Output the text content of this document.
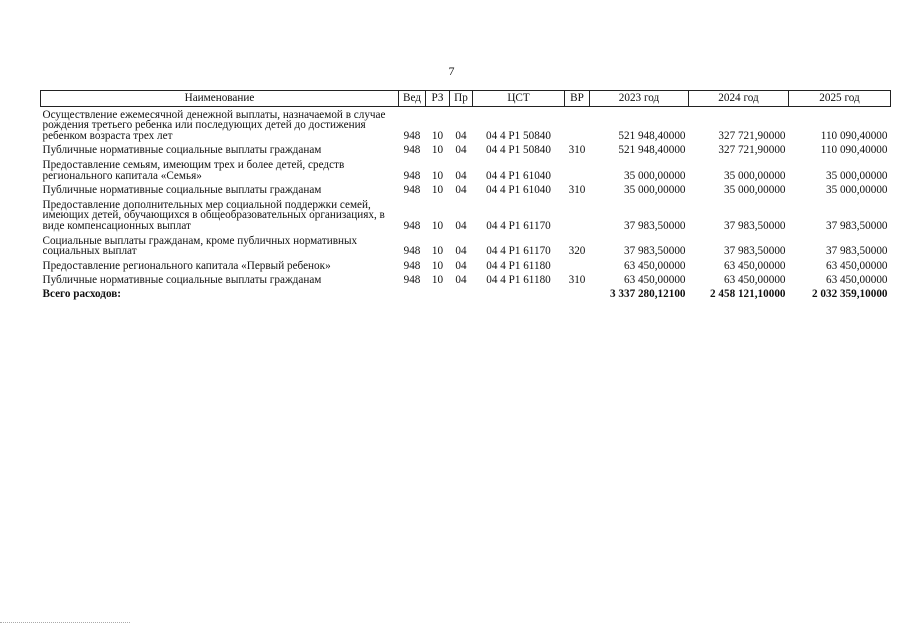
7
Наименование	Вед	РЗ	Пр	ЦСТ	ВР	2023 год	2024 год	2025 год
Осуществление ежемесячной денежной выплаты, назначаемой в случае рождения третьего ребенка или последующих детей до достижения ребенком возраста трех лет	948	10	04	04 4 P1 50840		521 948,40000	327 721,90000	110 090,40000
Публичные нормативные социальные выплаты гражданам	948	10	04	04 4 P1 50840	310	521 948,40000	327 721,90000	110 090,40000
Предоставление семьям, имеющим трех и более детей, средств регионального капитала «Семья»	948	10	04	04 4 P1 61040		35 000,00000	35 000,00000	35 000,00000
Публичные нормативные социальные выплаты гражданам	948	10	04	04 4 P1 61040	310	35 000,00000	35 000,00000	35 000,00000
Предоставление дополнительных мер социальной поддержки семей, имеющих детей, обучающихся в общеобразовательных организациях, в виде компенсационных выплат	948	10	04	04 4 P1 61170		37 983,50000	37 983,50000	37 983,50000
Социальные выплаты гражданам, кроме публичных нормативных социальных выплат	948	10	04	04 4 P1 61170	320	37 983,50000	37 983,50000	37 983,50000
Предоставление регионального капитала «Первый ребенок»	948	10	04	04 4 P1 61180		63 450,00000	63 450,00000	63 450,00000
Публичные нормативные социальные выплаты гражданам	948	10	04	04 4 P1 61180	310	63 450,00000	63 450,00000	63 450,00000
Всего расходов:						3 337 280,12100	2 458 121,10000	2 032 359,10000
